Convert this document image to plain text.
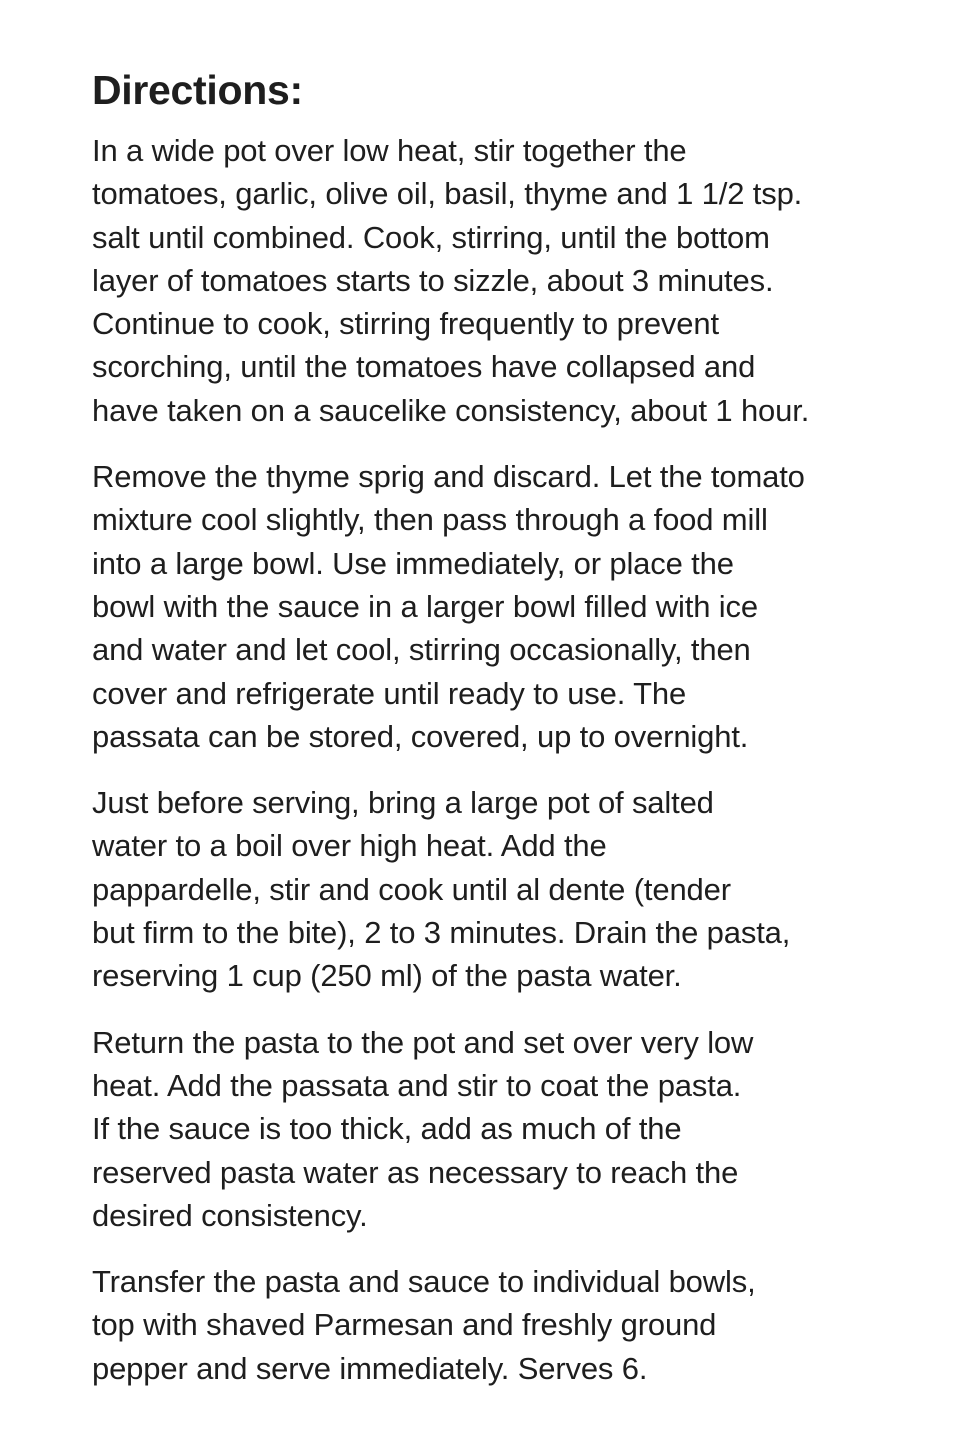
Directions:

In a wide pot over low heat, stir together the
tomatoes, garlic, olive oil, basil, thyme and 1 1/2 tsp.
salt until combined. Cook, stirring, until the bottom
layer of tomatoes starts to sizzle, about 3 minutes.
Continue to cook, stirring frequently to prevent
scorching, until the tomatoes have collapsed and
have taken on a saucelike consistency, about 1 hour.

Remove the thyme sprig and discard. Let the tomato
mixture cool slightly, then pass through a food mill
into a large bowl. Use immediately, or place the
bowl with the sauce in a larger bowl filled with ice
and water and let cool, stirring occasionally, then
cover and refrigerate until ready to use. The
passata can be stored, covered, up to overnight.

Just before serving, bring a large pot of salted
water to a boil over high heat. Add the
pappardelle, stir and cook until al dente (tender
but firm to the bite), 2 to 3 minutes. Drain the pasta,
reserving 1 cup (250 ml) of the pasta water.

Return the pasta to the pot and set over very low
heat. Add the passata and stir to coat the pasta.
If the sauce is too thick, add as much of the
reserved pasta water as necessary to reach the
desired consistency.

Transfer the pasta and sauce to individual bowls,
top with shaved Parmesan and freshly ground
pepper and serve immediately. Serves 6.
